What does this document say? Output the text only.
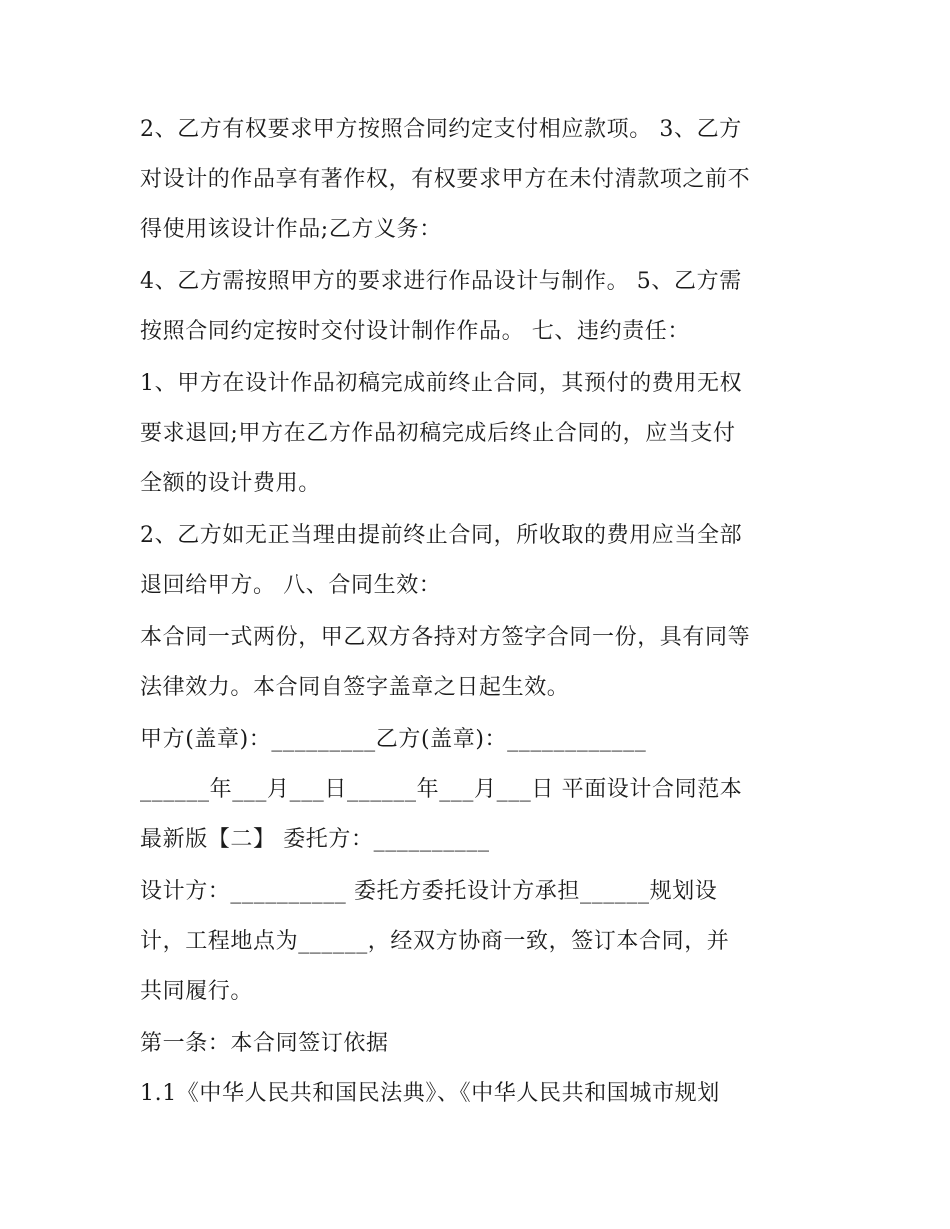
2、乙方有权要求甲方按照合同约定支付相应款项。 3、乙方
对设计的作品享有著作权，有权要求甲方在未付清款项之前不
得使用该设计作品;乙方义务：
4、乙方需按照甲方的要求进行作品设计与制作。 5、乙方需
按照合同约定按时交付设计制作作品。 七、违约责任：
1、甲方在设计作品初稿完成前终止合同，其预付的费用无权
要求退回;甲方在乙方作品初稿完成后终止合同的，应当支付
全额的设计费用。
2、乙方如无正当理由提前终止合同，所收取的费用应当全部
退回给甲方。 八、合同生效：
本合同一式两份，甲乙双方各持对方签字合同一份，具有同等
法律效力。本合同自签字盖章之日起生效。
甲方(盖章)：_________乙方(盖章)：____________
______年___月___日______年___月___日 平面设计合同范本
最新版【二】 委托方：__________
设计方：__________ 委托方委托设计方承担______规划设
计，工程地点为______，经双方协商一致，签订本合同，并
共同履行。
第一条：本合同签订依据
1.1《中华人民共和国民法典》、《中华人民共和国城市规划
